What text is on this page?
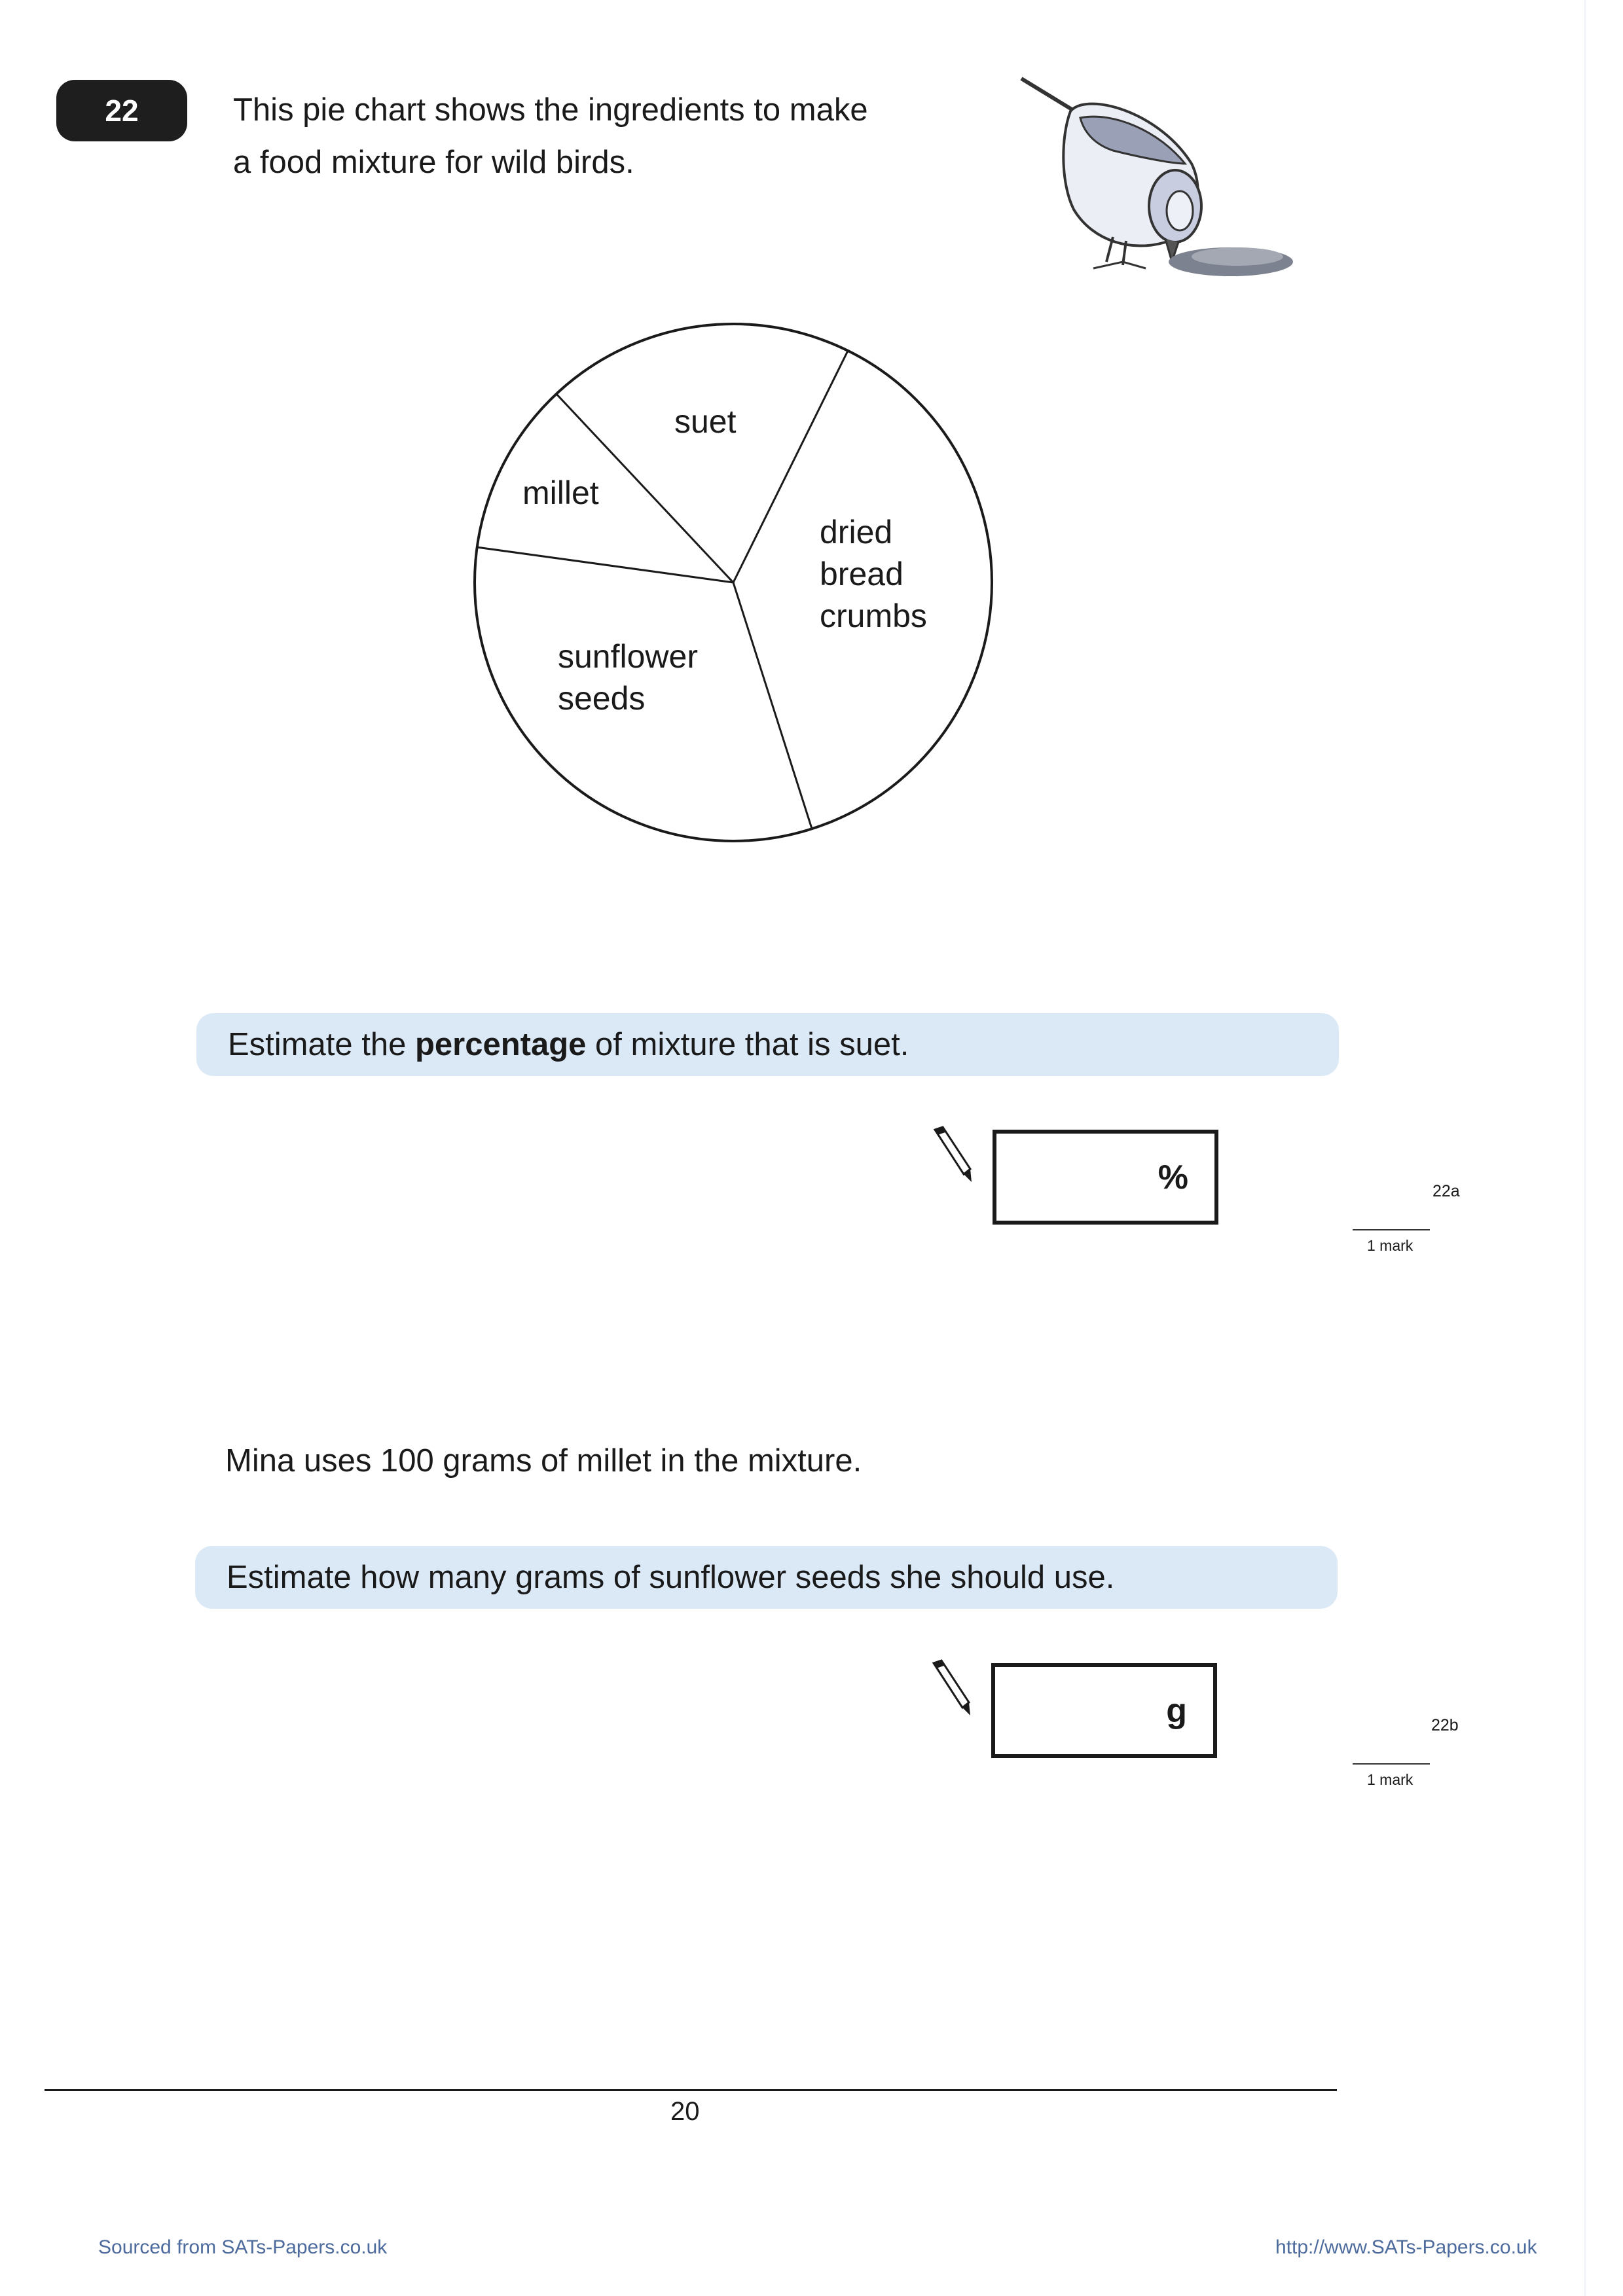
22	This pie chart shows the ingredients to make
a food mixture for wild birds.
suet
dried
bread
crumbs
sunflower
seeds
millet
Estimate the percentage of mixture that is suet.
%	22a
1 mark
Mina uses 100 grams of millet in the mixture.
Estimate how many grams of sunflower seeds she should use.
g	22b
1 mark
20
Sourced from SATs-Papers.co.uk	http://www.SATs-Papers.co.uk
